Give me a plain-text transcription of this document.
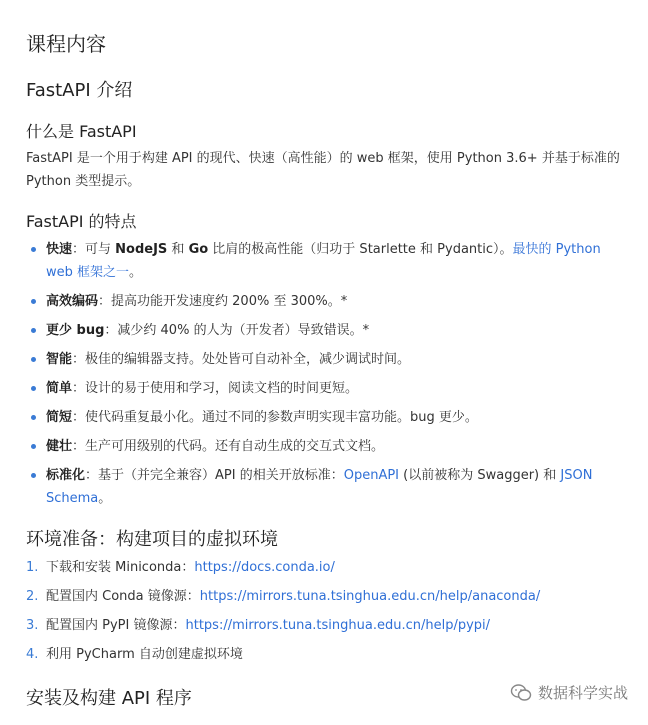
课程内容
FastAPI 介绍
什么是 FastAPI

FastAPI 是一个用于构建 API 的现代、快速（高性能）的 web 框架，使用 Python 3.6+ 并基于标准的 Python 类型提示。

FastAPI 的特点
快速：可与 NodeJS 和 Go 比肩的极高性能（归功于 Starlette 和 Pydantic）。最快的 Python web 框架之一。
高效编码：提高功能开发速度约 200% 至 300%。*
更少 bug：减少约 40% 的人为（开发者）导致错误。*
智能：极佳的编辑器支持。处处皆可自动补全，减少调试时间。
简单：设计的易于使用和学习，阅读文档的时间更短。
简短：使代码重复最小化。通过不同的参数声明实现丰富功能。bug 更少。
健壮：生产可用级别的代码。还有自动生成的交互式文档。
标准化：基于（并完全兼容）API 的相关开放标准：OpenAPI (以前被称为 Swagger) 和 JSON Schema。
环境准备：构建项目的虚拟环境
1. 下载和安装 Miniconda：https://docs.conda.io/
2. 配置国内 Conda 镜像源：https://mirrors.tuna.tsinghua.edu.cn/help/anaconda/
3. 配置国内 PyPI 镜像源：https://mirrors.tuna.tsinghua.edu.cn/help/pypi/
4. 利用 PyCharm 自动创建虚拟环境
安装及构建 API 程序	数据科学实战
